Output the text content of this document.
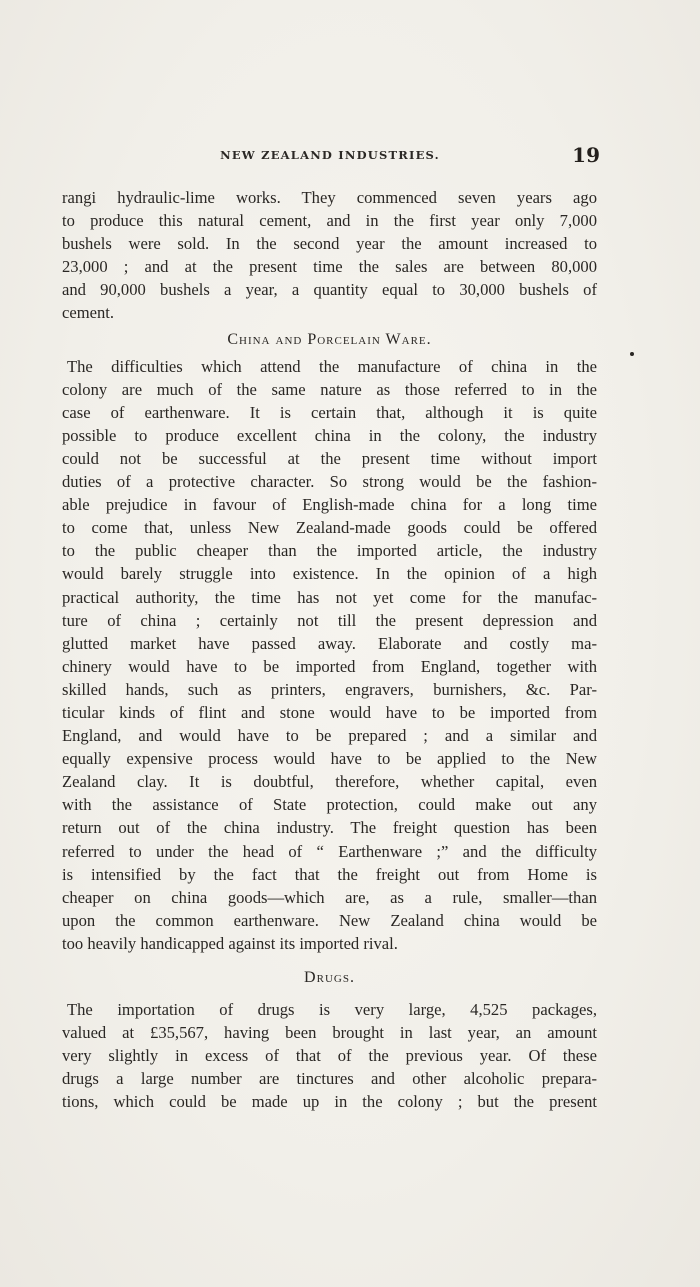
NEW ZEALAND INDUSTRIES.	19
rangi hydraulic-lime works. They commenced seven years ago
to produce this natural cement, and in the first year only 7,000
bushels were sold. In the second year the amount increased to
23,000 ; and at the present time the sales are between 80,000
and 90,000 bushels a year, a quantity equal to 30,000 bushels of
cement.
China and Porcelain Ware.
The difficulties which attend the manufacture of china in the
colony are much of the same nature as those referred to in the
case of earthenware. It is certain that, although it is quite
possible to produce excellent china in the colony, the industry
could not be successful at the present time without import
duties of a protective character. So strong would be the fashion-
able prejudice in favour of English-made china for a long time
to come that, unless New Zealand-made goods could be offered
to the public cheaper than the imported article, the industry
would barely struggle into existence. In the opinion of a high
practical authority, the time has not yet come for the manufac-
ture of china ; certainly not till the present depression and
glutted market have passed away. Elaborate and costly ma-
chinery would have to be imported from England, together with
skilled hands, such as printers, engravers, burnishers, &c. Par-
ticular kinds of flint and stone would have to be imported from
England, and would have to be prepared ; and a similar and
equally expensive process would have to be applied to the New
Zealand clay. It is doubtful, therefore, whether capital, even
with the assistance of State protection, could make out any
return out of the china industry. The freight question has been
referred to under the head of “ Earthenware ;” and the difficulty
is intensified by the fact that the freight out from Home is
cheaper on china goods—which are, as a rule, smaller—than
upon the common earthenware. New Zealand china would be
too heavily handicapped against its imported rival.
Drugs.
The importation of drugs is very large, 4,525 packages,
valued at £35,567, having been brought in last year, an amount
very slightly in excess of that of the previous year. Of these
drugs a large number are tinctures and other alcoholic prepara-
tions, which could be made up in the colony ; but the present
